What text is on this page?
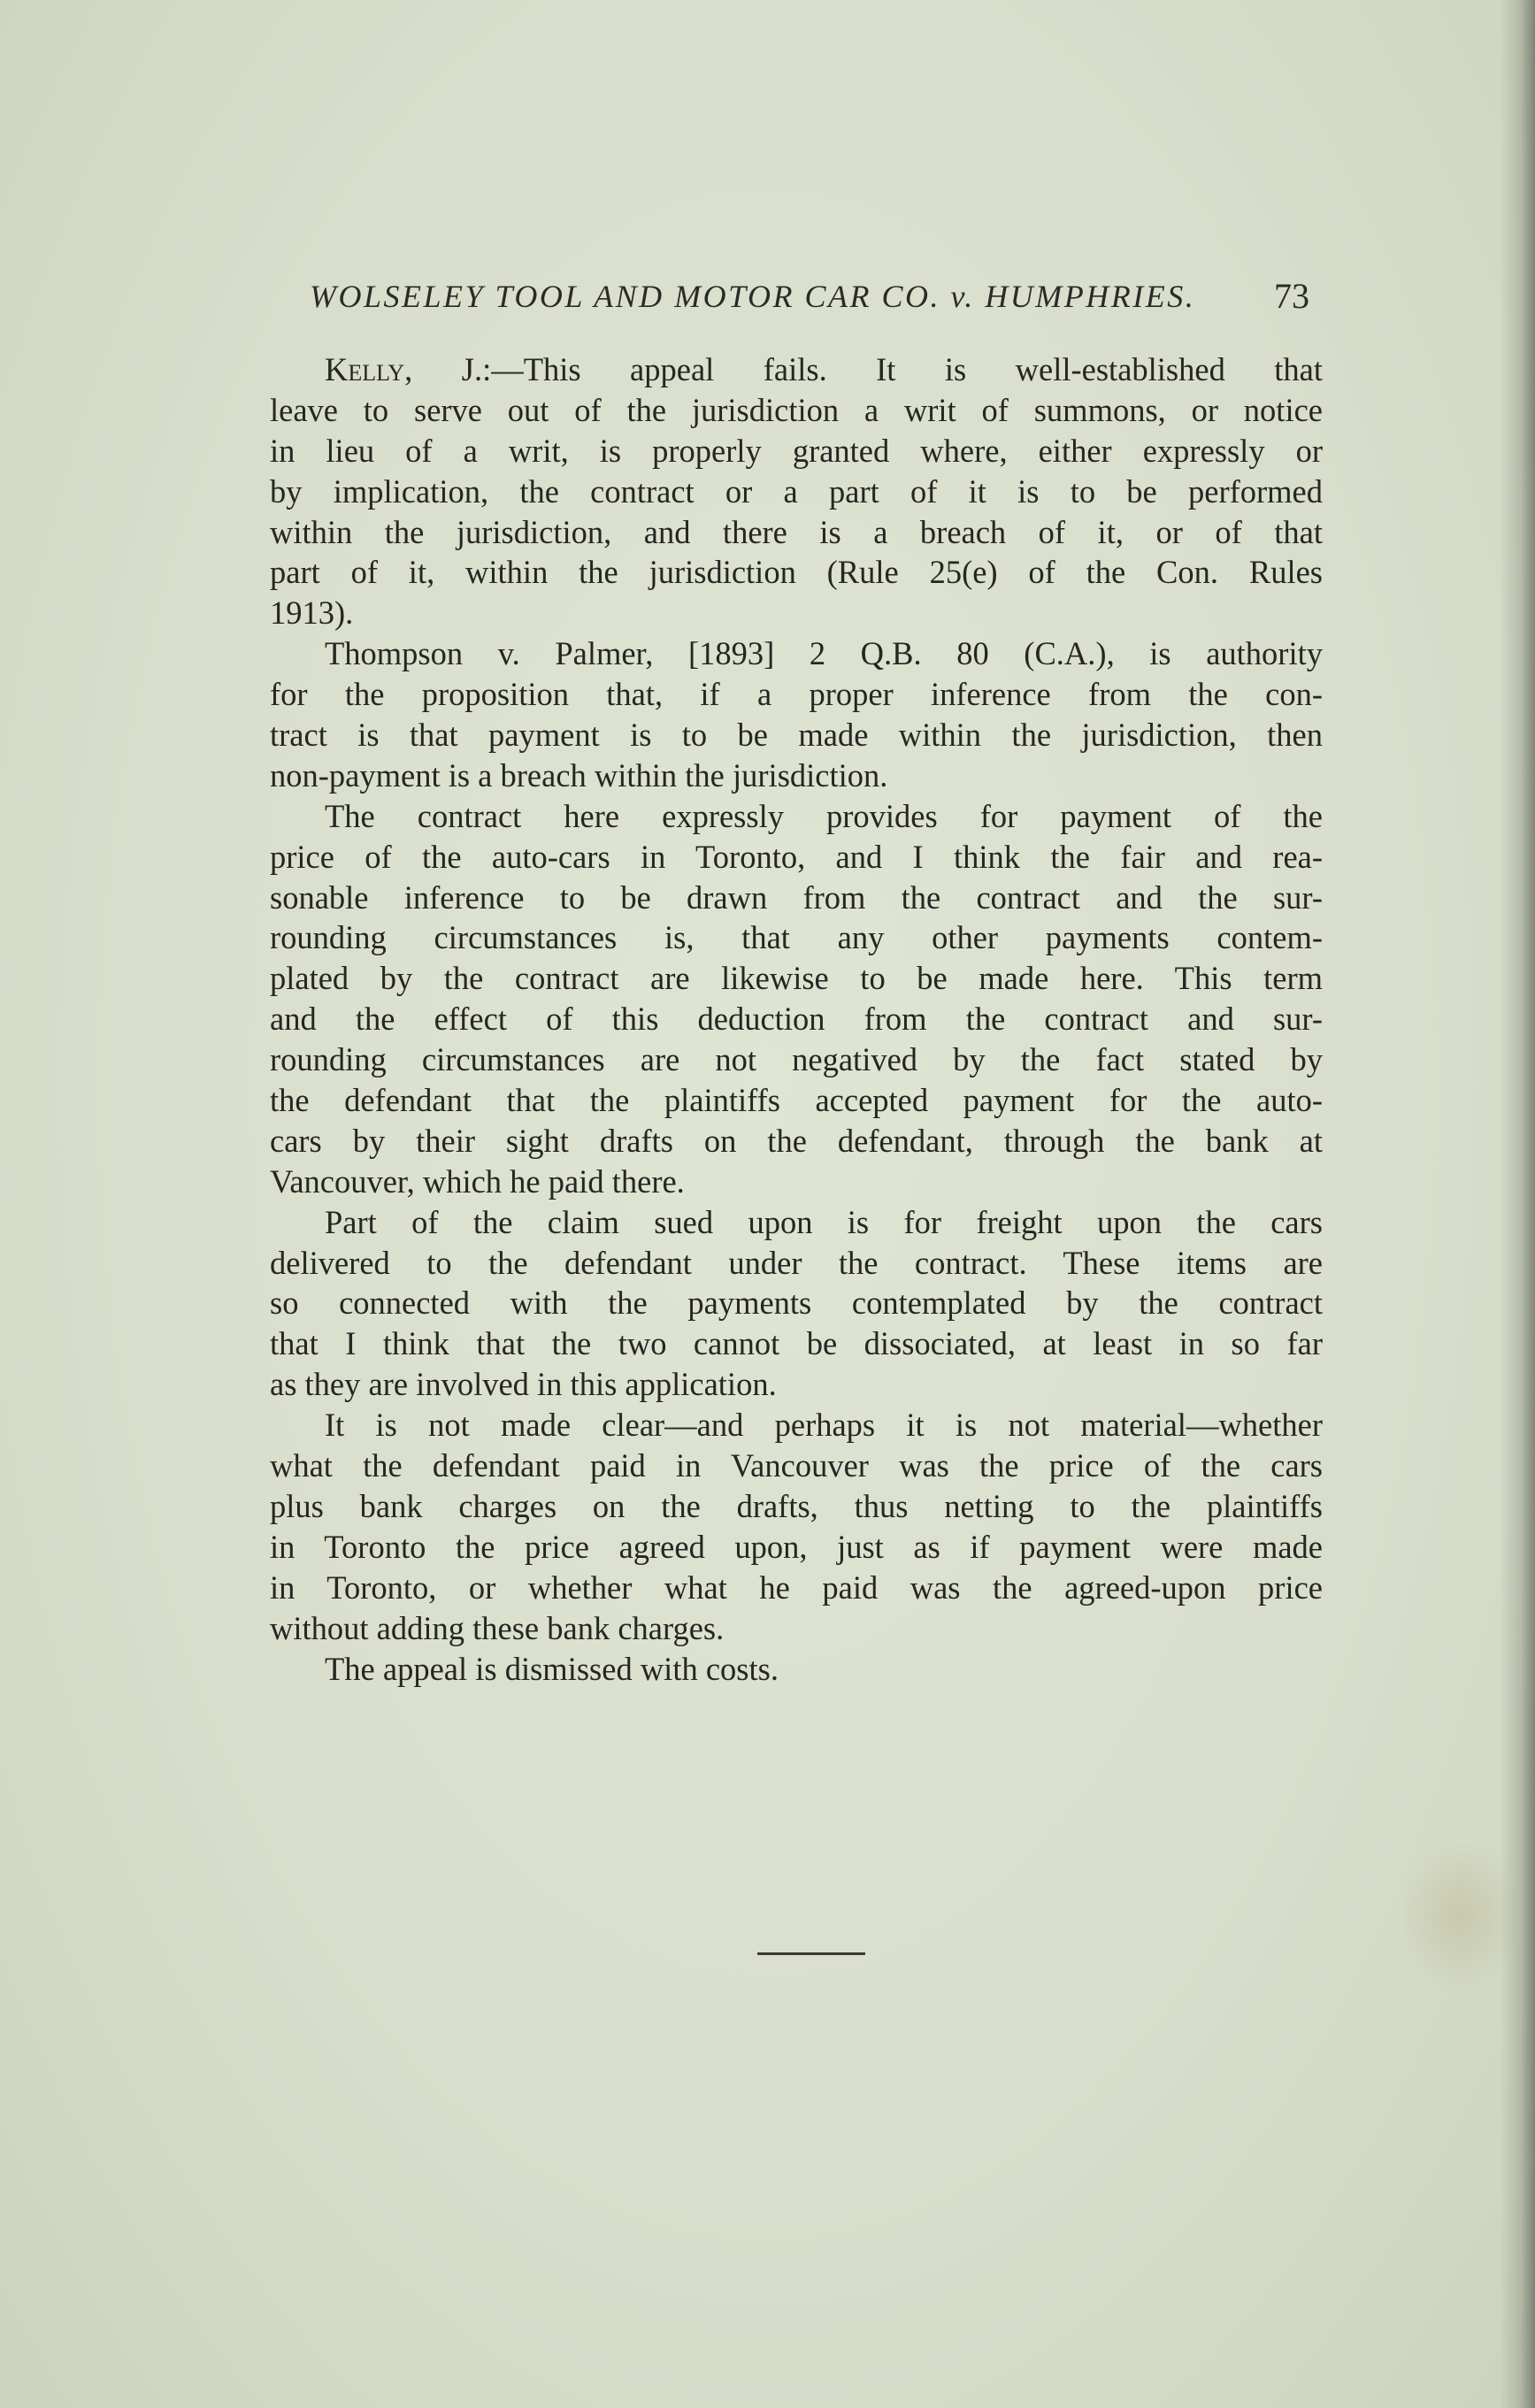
WOLSELEY TOOL AND MOTOR CAR CO. v. HUMPHRIES. 73
Kelly, J.:—This appeal fails. It is well-established that
leave to serve out of the jurisdiction a writ of summons, or notice
in lieu of a writ, is properly granted where, either expressly or
by implication, the contract or a part of it is to be performed
within the jurisdiction, and there is a breach of it, or of that
part of it, within the jurisdiction (Rule 25(e) of the Con. Rules
1913).
Thompson v. Palmer, [1893] 2 Q.B. 80 (C.A.), is authority
for the proposition that, if a proper inference from the con-
tract is that payment is to be made within the jurisdiction, then
non-payment is a breach within the jurisdiction.
The contract here expressly provides for payment of the
price of the auto-cars in Toronto, and I think the fair and rea-
sonable inference to be drawn from the contract and the sur-
rounding circumstances is, that any other payments contem-
plated by the contract are likewise to be made here. This term
and the effect of this deduction from the contract and sur-
rounding circumstances are not negatived by the fact stated by
the defendant that the plaintiffs accepted payment for the auto-
cars by their sight drafts on the defendant, through the bank at
Vancouver, which he paid there.
Part of the claim sued upon is for freight upon the cars
delivered to the defendant under the contract. These items are
so connected with the payments contemplated by the contract
that I think that the two cannot be dissociated, at least in so far
as they are involved in this application.
It is not made clear—and perhaps it is not material—whether
what the defendant paid in Vancouver was the price of the cars
plus bank charges on the drafts, thus netting to the plaintiffs
in Toronto the price agreed upon, just as if payment were made
in Toronto, or whether what he paid was the agreed-upon price
without adding these bank charges.
The appeal is dismissed with costs.
